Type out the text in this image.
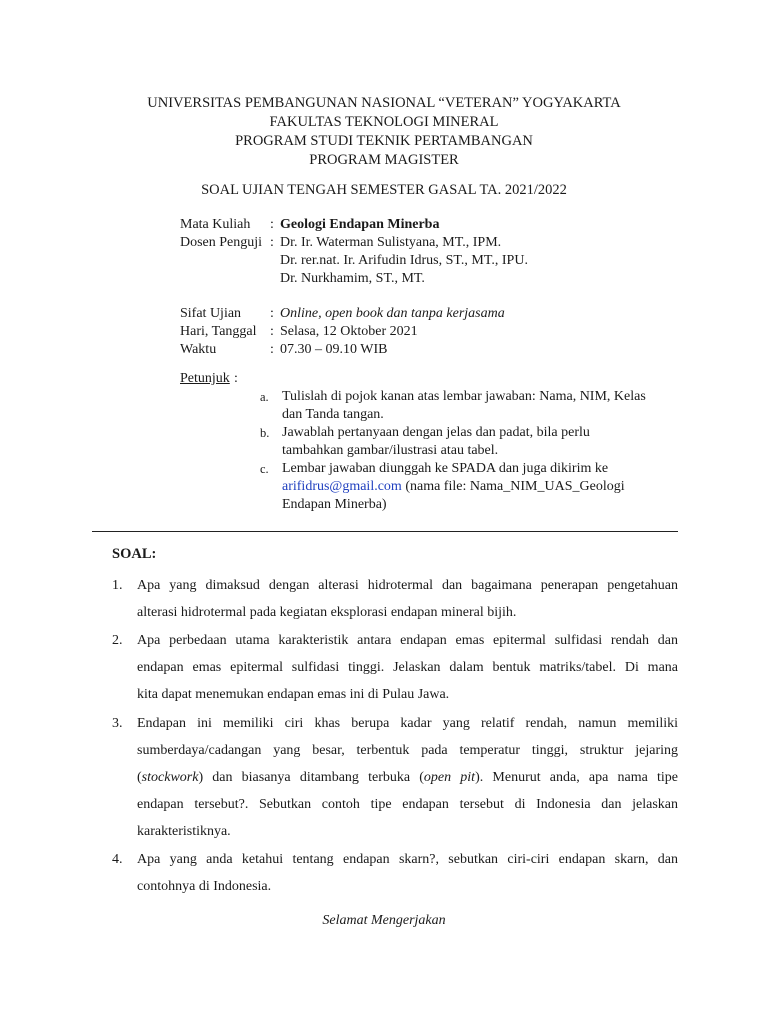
UNIVERSITAS PEMBANGUNAN NASIONAL “VETERAN” YOGYAKARTA
FAKULTAS TEKNOLOGI MINERAL
PROGRAM STUDI TEKNIK PERTAMBANGAN
PROGRAM MAGISTER
SOAL UJIAN TENGAH SEMESTER GASAL TA. 2021/2022
Mata Kuliah : Geologi Endapan Minerba
Dosen Penguji : Dr. Ir. Waterman Sulistyana, MT., IPM.
Dr. rer.nat. Ir. Arifudin Idrus, ST., MT., IPU.
Dr. Nurkhamim, ST., MT.
Sifat Ujian : Online, open book dan tanpa kerjasama
Hari, Tanggal : Selasa, 12 Oktober 2021
Waktu	: 07.30 – 09.10 WIB
Petunjuk :
a. Tulislah di pojok kanan atas lembar jawaban: Nama, NIM, Kelas
dan Tanda tangan.
b. Jawablah pertanyaan dengan jelas dan padat, bila perlu
tambahkan gambar/ilustrasi atau tabel.
c. Lembar jawaban diunggah ke SPADA dan juga dikirim ke
arifidrus@gmail.com (nama file: Nama_NIM_UAS_Geologi
Endapan Minerba)
SOAL:
1. Apa yang dimaksud dengan alterasi hidrotermal dan bagaimana penerapan pengetahuan
alterasi hidrotermal pada kegiatan eksplorasi endapan mineral bijih.
2. Apa perbedaan utama karakteristik antara endapan emas epitermal sulfidasi rendah dan
endapan emas epitermal sulfidasi tinggi. Jelaskan dalam bentuk matriks/tabel. Di mana
kita dapat menemukan endapan emas ini di Pulau Jawa.
3. Endapan ini memiliki ciri khas berupa kadar yang relatif rendah, namun memiliki
sumberdaya/cadangan yang besar, terbentuk pada temperatur tinggi, struktur jejaring
(stockwork) dan biasanya ditambang terbuka (open pit). Menurut anda, apa nama tipe
endapan tersebut?. Sebutkan contoh tipe endapan tersebut di Indonesia dan jelaskan
karakteristiknya.
4. Apa yang anda ketahui tentang endapan skarn?, sebutkan ciri-ciri endapan skarn, dan
contohnya di Indonesia.
Selamat Mengerjakan
